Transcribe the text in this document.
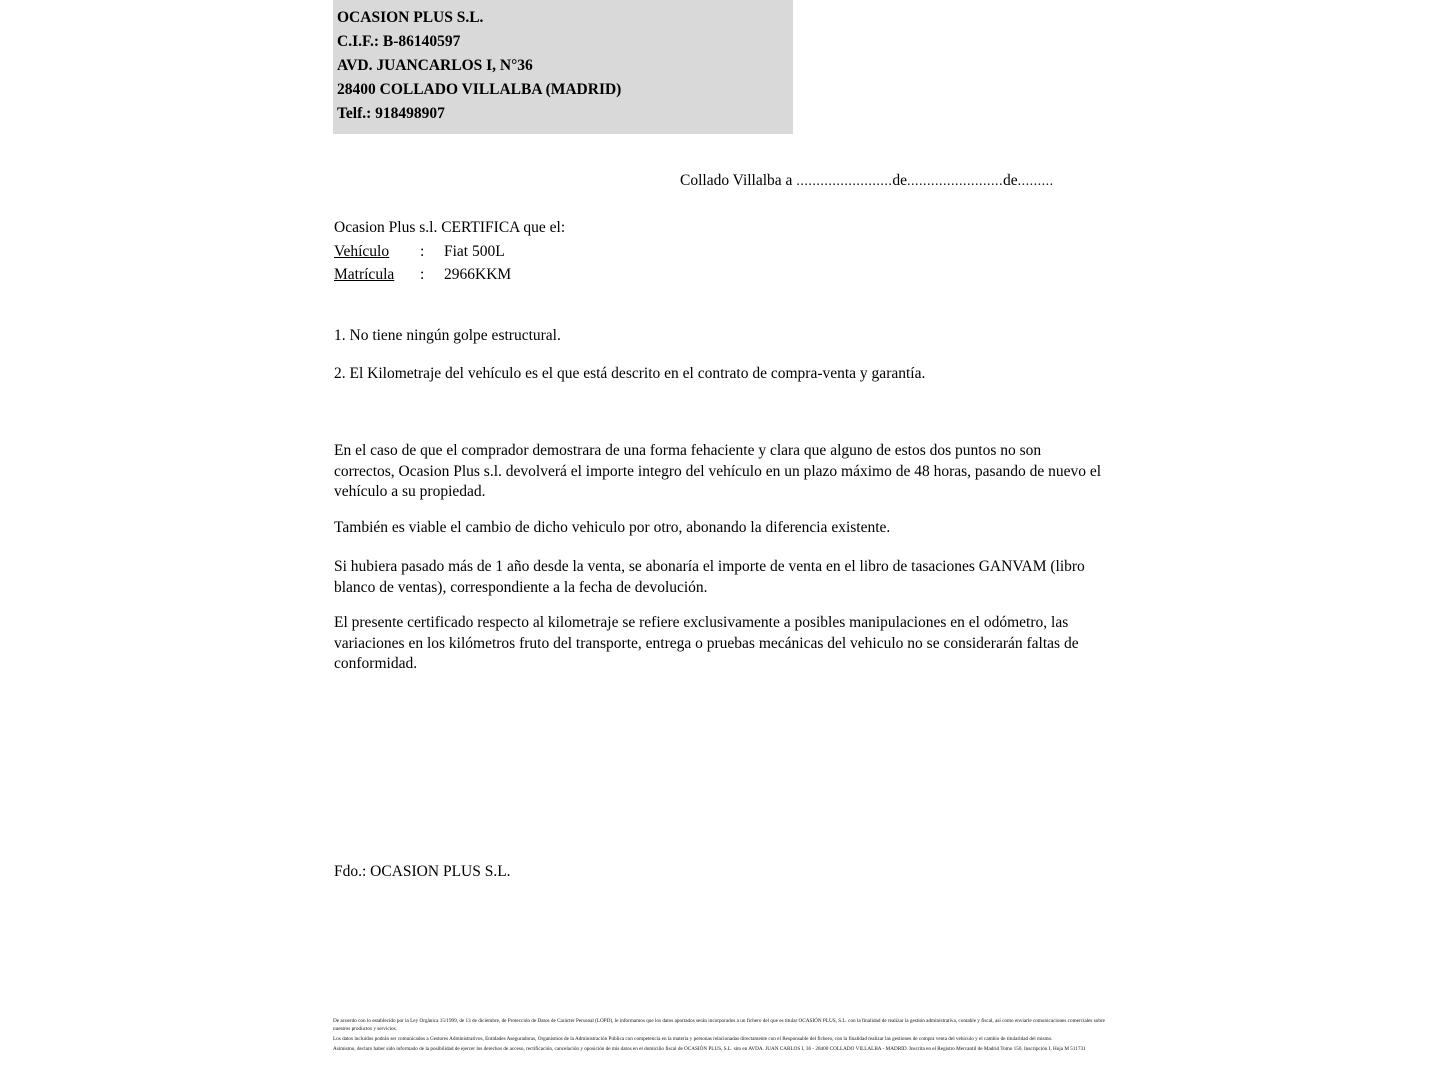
OCASION PLUS S.L.
C.I.F.: B-86140597
AVD. JUANCARLOS I, N°36
28400 COLLADO VILLALBA (MADRID)
Telf.: 918498907
Collado Villalba a ........................de........................de.........
Ocasion Plus s.l. CERTIFICA que el:
Vehículo	:	Fiat 500L
Matrícula	:	2966KKM
1. No tiene ningún golpe estructural.
2. El Kilometraje del vehículo es el que está descrito en el contrato de compra-venta y garantía.
En el caso de que el comprador demostrara de una forma fehaciente y clara que alguno de estos dos puntos no son correctos, Ocasion Plus s.l. devolverá el importe integro del vehículo en un plazo máximo de 48 horas, pasando de nuevo el vehículo a su propiedad.
También es viable el cambio de dicho vehiculo por otro, abonando la diferencia existente.
Si hubiera pasado más de 1 año desde la venta, se abonaría el importe de venta en el libro de tasaciones GANVAM (libro blanco de ventas), correspondiente a la fecha de devolución.
El presente certificado respecto al kilometraje se refiere exclusivamente a posibles manipulaciones en el odómetro, las variaciones en los kilómetros fruto del transporte, entrega o pruebas mecánicas del vehiculo no se considerarán faltas de conformidad.
Fdo.: OCASION PLUS S.L.

De acuerdo con lo establecido por la Ley Orgánica 15/1999, de 13 de diciembre, de Protección de Datos de Carácter Personal (LOPD), le informamos que los datos aportados serán incorporados a un fichero del que es titular OCASIÓN PLUS, S.L. con la finalidad de realizar la gestión administrativa, contable y fiscal, así como enviarle comunicaciones comerciales sobre nuestros productos y servicios.

Los datos incluidos podrán ser comunicados a Gestores Administrativos, Entidades Aseguradoras, Organismos de la Administración Pública con competencia en la materia y personas relacionadas directamente con el Responsable del fichero, con la finalidad realizar las gestiones de compra venta del vehículo y el cambio de titularidad del mismo.

Asimismo, declaro haber sido informado de la posibilidad de ejercer los derechos de acceso, rectificación, cancelación y oposición de mis datos en el domicilio fiscal de OCASIÓN PLUS, S.L. sito en AVDA. JUAN CARLOS I, 36 - 28400 COLLADO VILLALBA - MADRID. Inscrita en el Registro Mercantil de Madrid Tomo 150, Inscripción I, Hoja M 511731
